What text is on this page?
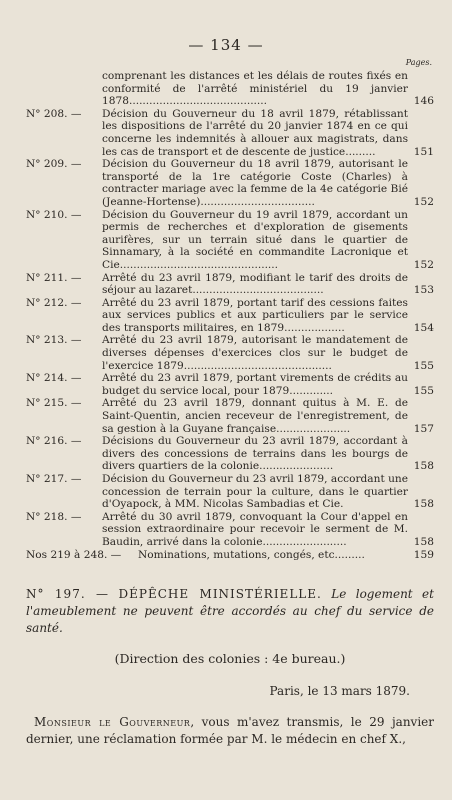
— 134 —
Pages.
comprenant les distances et les délais de routes fixés en conformité de l'arrêté ministériel du 19 janvier 1878.........................................	146
N° 208. —	Décision du Gouverneur du 18 avril 1879, rétablissant les dispositions de l'arrêté du 20 janvier 1874 en ce qui concerne les indemnités à allouer aux magistrats, dans les cas de transport et de descente de justice.........	151
N° 209. —	Décision du Gouverneur du 18 avril 1879, autorisant le transporté de la 1re catégorie Coste (Charles) à contracter mariage avec la femme de la 4e catégorie Bié (Jeanne-Hortense)..................................	152
N° 210. —	Décision du Gouverneur du 19 avril 1879, accordant un permis de recherches et d'exploration de gisements aurifères, sur un terrain situé dans le quartier de Sinnamary, à la société en commandite Lacronique et Cie...............................................	152
N° 211. —	Arrêté du 23 avril 1879, modifiant le tarif des droits de séjour au lazaret.......................................	153
N° 212. —	Arrêté du 23 avril 1879, portant tarif des cessions faites aux services publics et aux particuliers par le service des transports militaires, en 1879..................	154
N° 213. —	Arrêté du 23 avril 1879, autorisant le mandatement de diverses dépenses d'exercices clos sur le budget de l'exercice 1879............................................	155
N° 214. —	Arrêté du 23 avril 1879, portant virements de crédits au budget du service local, pour 1879.............	155
N° 215. —	Arrêté du 23 avril 1879, donnant quitus à M. E. de Saint-Quentin, ancien receveur de l'enregistrement, de sa gestion à la Guyane française......................	157
N° 216. —	Décisions du Gouverneur du 23 avril 1879, accordant à divers des concessions de terrains dans les bourgs de divers quartiers de la colonie......................	158
N° 217. —	Décision du Gouverneur du 23 avril 1879, accordant une concession de terrain pour la culture, dans le quartier d'Oyapock, à MM. Nicolas Sambadias et Cie.	158
N° 218. —	Arrêté du 30 avril 1879, convoquant la Cour d'appel en session extraordinaire pour recevoir le serment de M. Baudin, arrivé dans la colonie.........................	158
Nos 219 à 248. —	Nominations, mutations, congés, etc.........	159
N° 197. — DÉPÊCHE MINISTÉRIELLE. Le logement et l'ameublement ne peuvent être accordés au chef du service de santé.
(Direction des colonies : 4e bureau.)
Paris, le 13 mars 1879.
Monsieur le Gouverneur, vous m'avez transmis, le 29 janvier dernier, une réclamation formée par M. le médecin en chef X.,
